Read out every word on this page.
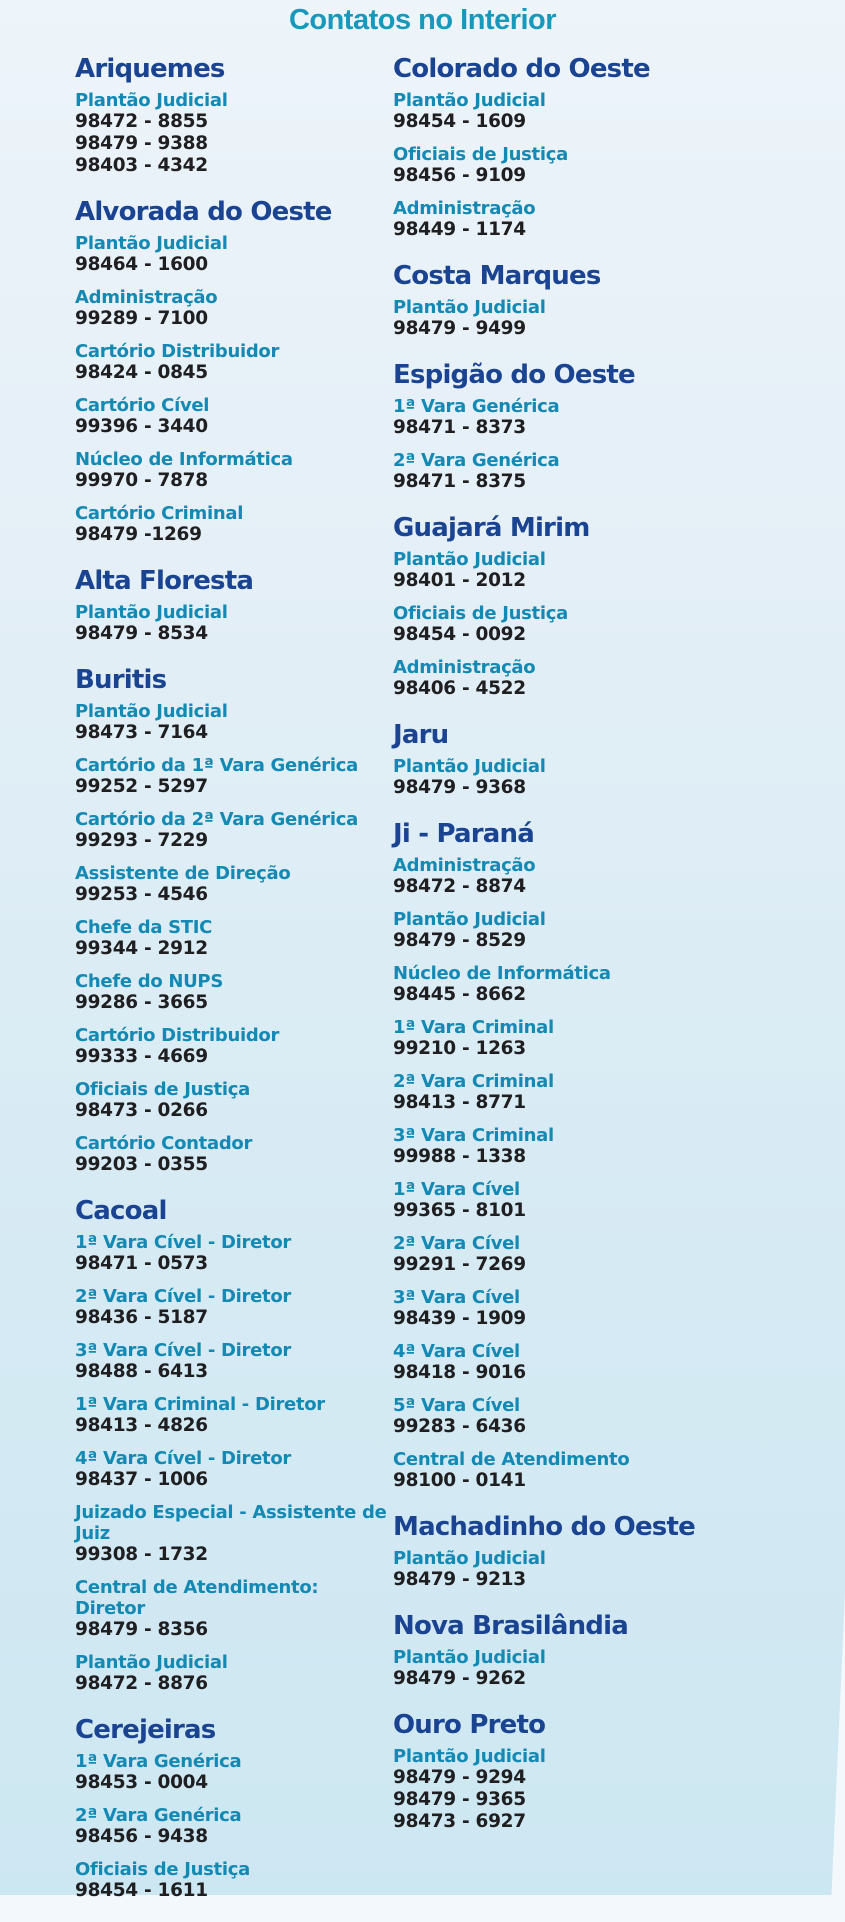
Contatos no Interior
Ariquemes
Plantão Judicial
98472 - 8855
98479 - 9388
98403 - 4342
Alvorada do Oeste
Plantão Judicial
98464 - 1600
Administração
99289 - 7100
Cartório Distribuidor
98424 - 0845
Cartório Cível
99396 - 3440
Núcleo de Informática
99970 - 7878
Cartório Criminal
98479 -1269
Alta Floresta
Plantão Judicial
98479 - 8534
Buritis
Plantão Judicial
98473 - 7164
Cartório da 1ª Vara Genérica
99252 - 5297
Cartório da 2ª Vara Genérica
99293 - 7229
Assistente de Direção
99253 - 4546
Chefe da STIC
99344 - 2912
Chefe do NUPS
99286 - 3665
Cartório Distribuidor
99333 - 4669
Oficiais de Justiça
98473 - 0266
Cartório Contador
99203 - 0355
Cacoal
1ª Vara Cível - Diretor
98471 - 0573
2ª Vara Cível - Diretor
98436 - 5187
3ª Vara Cível - Diretor
98488 - 6413
1ª Vara Criminal - Diretor
98413 - 4826
4ª Vara Cível - Diretor
98437 - 1006
Juizado Especial - Assistente de Juiz
99308 - 1732
Central de Atendimento: Diretor
98479 - 8356
Plantão Judicial
98472 - 8876
Cerejeiras
1ª Vara Genérica
98453 - 0004
2ª Vara Genérica
98456 - 9438
Oficiais de Justiça
98454 - 1611
Colorado do Oeste
Plantão Judicial
98454 - 1609
Oficiais de Justiça
98456 - 9109
Administração
98449 - 1174
Costa Marques
Plantão Judicial
98479 - 9499
Espigão do Oeste
1ª Vara Genérica
98471 - 8373
2ª Vara Genérica
98471 - 8375
Guajará Mirim
Plantão Judicial
98401 - 2012
Oficiais de Justiça
98454 - 0092
Administração
98406 - 4522
Jaru
Plantão Judicial
98479 - 9368
Ji - Paraná
Administração
98472 - 8874
Plantão Judicial
98479 - 8529
Núcleo de Informática
98445 - 8662
1ª Vara Criminal
99210 - 1263
2ª Vara Criminal
98413 - 8771
3ª Vara Criminal
99988 - 1338
1ª Vara Cível
99365 - 8101
2ª Vara Cível
99291 - 7269
3ª Vara Cível
98439 - 1909
4ª Vara Cível
98418 - 9016
5ª Vara Cível
99283 - 6436
Central de Atendimento
98100 - 0141
Machadinho do Oeste
Plantão Judicial
98479 - 9213
Nova Brasilândia
Plantão Judicial
98479 - 9262
Ouro Preto
Plantão Judicial
98479 - 9294
98479 - 9365
98473 - 6927
